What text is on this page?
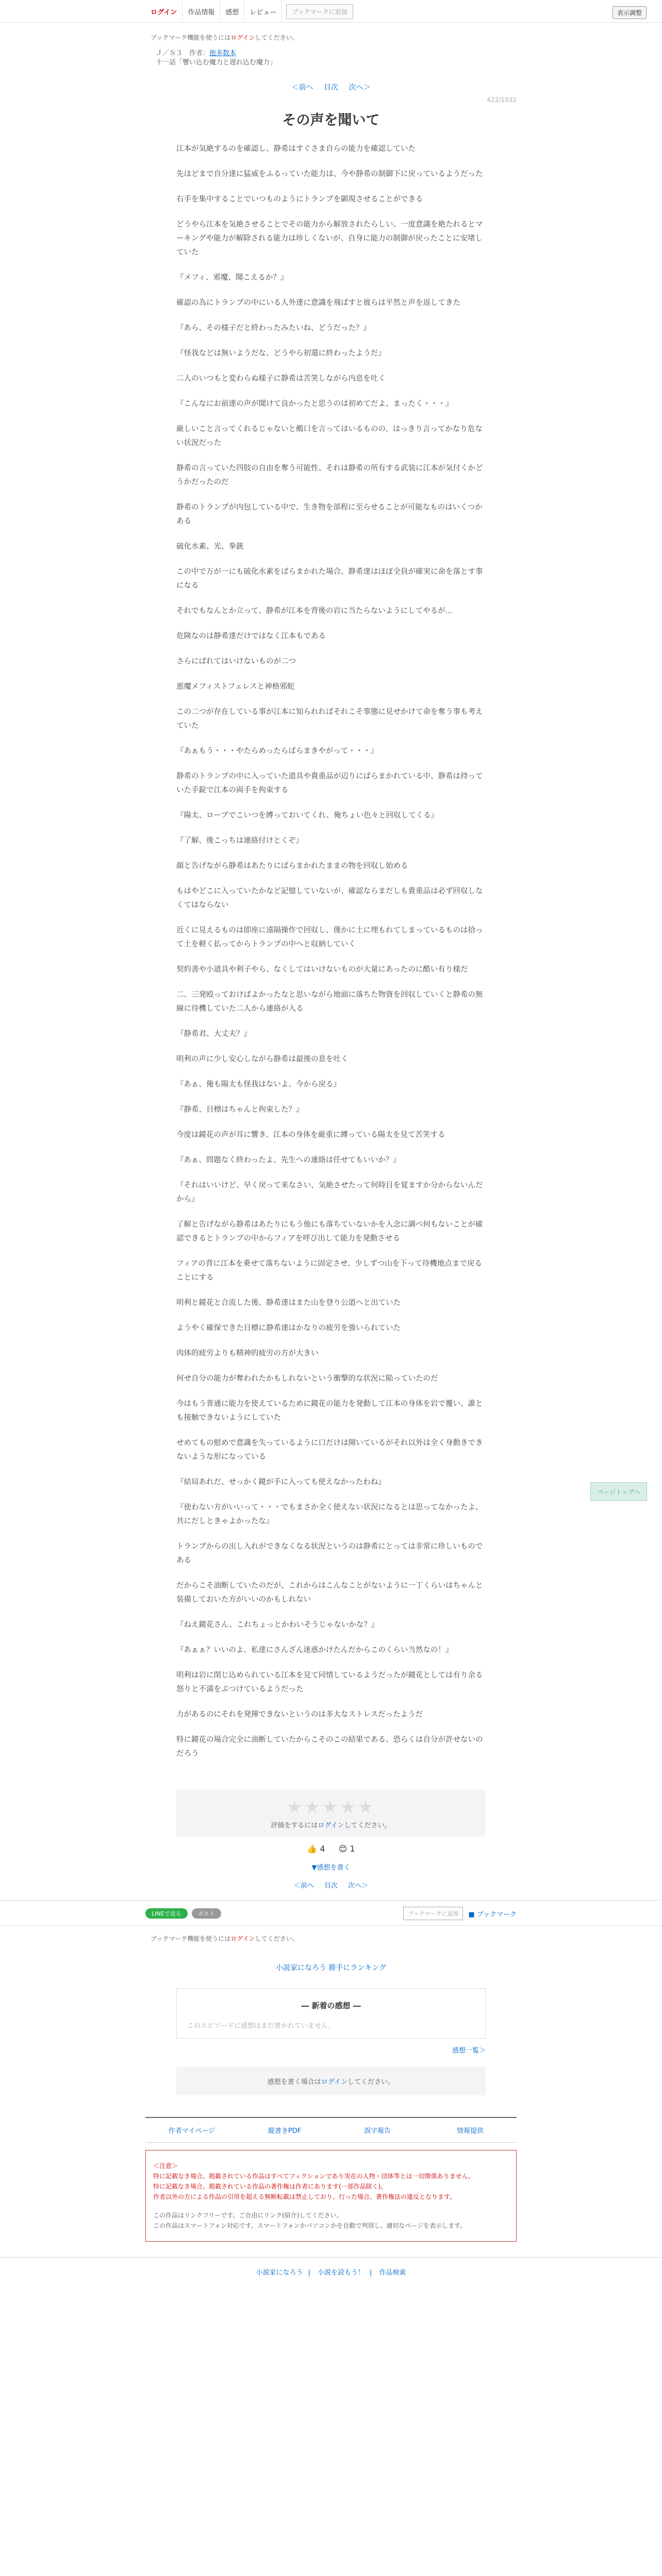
ログイン	作品情報	感想	レビュー	ブックマークに追加	表示調整
ブックマーク機能を使うにはログインしてください。
Ｊ／Ｓ３　 作者：他多数本
十一話「響い込む魔力と遅れ込む魔力」
＜前へ 目次 次へ＞
422/1032
その声を聞いて

江本が気絶するのを確認し、静希はすぐさま自らの能力を確認していた

先ほどまで自分達に猛威をふるっていた能力は、今や静希の制御下に戻っているようだった

右手を集中することでいつものようにトランプを顕現させることができる

どうやら江本を気絶させることでその能力から解放されたらしい、一度意識を絶たれるとマーキングや能力が解除される能力は珍しくないが、自身に能力の制御が戻ったことに安堵していた

『メフィ、邪魔、聞こえるか？』

確認の為にトランプの中にいる人外達に意識を飛ばすと彼らは平然と声を返してきた

『あら、その様子だと終わったみたいね、どうだった？』

『怪我などは無いようだな、どうやら初還に終わったようだ』

二人のいつもと変わらぬ様子に静希は苦笑しながら内息を吐く

『こんなにお前達の声が聞けて良かったと思うのは初めてだよ、まったく・・・』

厳しいこと言ってくれるじゃないと鵺口を言ってはいるものの、はっきり言ってかなり危ない状況だった

静希の言っていた四肢の自由を奪う可能性、それは静希の所有する武装に江本が気付くかどうかだったのだ

静希のトランプが内包している中で、生き物を部程に至らせることが可能なものはいくつかある

硫化水素、光、拳銃

この中で万が一にも硫化水素をばらまかれた場合、静希達はほぼ全員が確実に命を落とす事になる

それでもなんとか立って、静希が江本を背後の岩に当たらないようにしてやるが...

危険なのは静希達だけではなく江本もである

さらにばれてはいけないものが二つ

悪魔メフィストフェレスと神格邪蛇

この二つが存在している事が江本に知られればそれこそ事態に見せかけて命を奪う事も考えていた

『あぁもう・・・やたらめったらばらまきやがって・・・』

静希のトランプの中に入っていた道具や貴重品が辺りにばらまかれている中、静希は持っていた手錠で江本の両手を拘束する

『陽太、ロープでこいつを縛っておいてくれ、俺ちょい色々と回収してくる』

『了解、後こっちは連絡付けとくぞ』

顔と告げながら静希はあたりにばらまかれたままの物を回収し始める

もはやどこに入っていたかなど記憶していないが、確認ならまだしも貴重品は必ず回収しなくてはならない

近くに見えるものは即座に遠隔操作で回収し、僅かに土に埋もれてしまっているものは拾って土を軽く払ってからトランプの中へと収納していく

契約書や小道具や利子やら、なくしてはいけないものが大量にあったのに酷い有り様だ

二、三発殴っておけばよかったなと思いながら地面に落ちた物資を回収していくと静希の無線に待機していた二人から連絡が入る

『静希君、大丈夫？』

明利の声に少し安心しながら静希は最後の息を吐く

『あぁ、俺も陽太も怪我はないよ、今から戻る』

『静希、目標はちゃんと拘束した？』

今度は鏡花の声が耳に響き、江本の身体を厳重に縛っている陽太を見て苦笑する

『あぁ、問題なく終わったよ、先生への連絡は任せてもいいか？』

『それはいいけど、早く戻って来なさい、気絶させたって何時目を覚ますか分からないんだから』

了解と告げながら静希はあたりにもう他にも落ちていないかを入念に調べ何もないことが確認できるとトランプの中からフィアを呼び出して能力を発動させる

フィアの背に江本を乗せて落ちないように固定させ、少しずつ山を下って待機地点まで戻ることにする

明利と鏡花と合流した後、静希達はまた山を登り公道へと出ていた

ようやく確保できた目標に静希達はかなりの疲労を強いられていた

肉体的疲労よりも精神的疲労の方が大きい

何せ自分の能力が奪われたかもしれないという衝撃的な状況に陥っていたのだ

今はもう普通に能力を使えているために鏡花の能力を発動して江本の身体を岩で覆い、誰とも接触できないようにしていた

せめてもの慰めで意識を失っているように口だけは開いているがそれ以外は全く身動きできないような形になっている

『結局あれだ、せっかく鏡が手に入っても使えなかったわね』

『使わない方がいいって・・・でもまさか全く使えない状況になるとは思ってなかったよ、共にだしときゃよかったな』

トランプからの出し入れができなくなる状況というのは静希にとっては非常に珍しいものである

だからこそ油断していたのだが、これからはこんなことがないように一丁くらいはちゃんと装備しておいた方がいいのかもしれない

『ねえ鏡花さん、これちょっとかわいそうじゃないかな？』

『あぁぁ？いいのよ、私達にさんざん迷惑かけたんだからこのくらい当然なの！』

明利は岩に閉じ込められている江本を見て同情しているようだったが鏡花としては有り余る怒りと不満をぶつけているようだった

力があるのにそれを発揮できないというのは多大なストレスだったようだ

特に鏡花の場合完全に油断していたからこそのこの結果である、恐らくは自分が許せないのだろう

★★★★★
評価をするにはログインしてください。
👍 4 😊 1
▼感想を書く
＜前へ 目次 次へ＞
LINEで送る	ポスト	ブックマークに追加	■ ブックマーク
ブックマーク機能を使うにはログインしてください。
小説家になろう 勝手にランキング
― 新着の感想 ―
このエピソードに感想はまだ書かれていません。
感想一覧＞
感想を書く場合はログインしてください。
作者マイページ	縦書きPDF	誤字報告	情報提供
＜注意＞
特に記載なき場合、掲載されている作品はすべてフィクションであり実在の人物・団体等とは一切関係ありません。
特に記載なき場合、掲載されている作品の著作権は作者にあります(一部作品除く)。
作者以外の方による作品の引用を超える無断転載は禁止しており、行った場合、著作権法の違反となります。
この作品はリンクフリーです。ご自由にリンク(紹介)してください。
この作品はスマートフォン対応です。スマートフォンかパソコンかを自動で判別し、適切なページを表示します。
小説家になろう | 小説を読もう！ | 作品検索
ページトップへ
